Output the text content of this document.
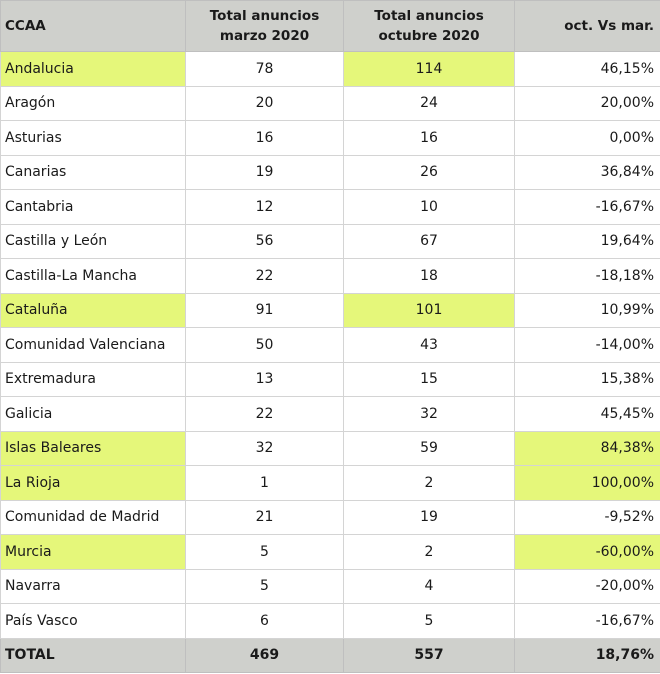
CCAA	Total anuncios marzo 2020	Total anuncios octubre 2020	oct. Vs mar.
Andalucia	78	114	46,15%
Aragón	20	24	20,00%
Asturias	16	16	0,00%
Canarias	19	26	36,84%
Cantabria	12	10	-16,67%
Castilla y León	56	67	19,64%
Castilla-La Mancha	22	18	-18,18%
Cataluña	91	101	10,99%
Comunidad Valenciana	50	43	-14,00%
Extremadura	13	15	15,38%
Galicia	22	32	45,45%
Islas Baleares	32	59	84,38%
La Rioja	1	2	100,00%
Comunidad de Madrid	21	19	-9,52%
Murcia	5	2	-60,00%
Navarra	5	4	-20,00%
País Vasco	6	5	-16,67%
TOTAL	469	557	18,76%
